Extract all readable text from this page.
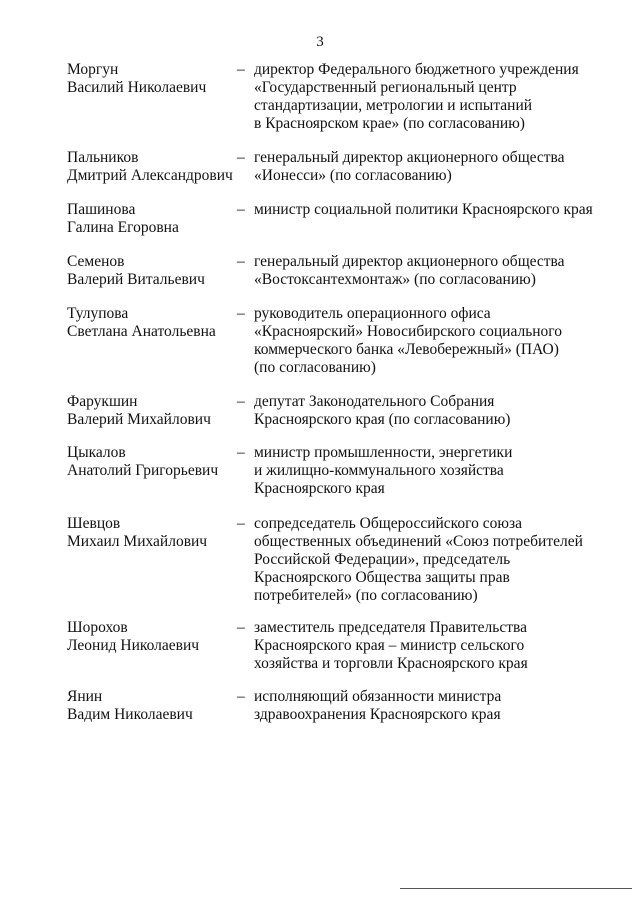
3
Моргун
Василий Николаевич
– директор Федерального бюджетного учреждения
«Государственный региональный центр
стандартизации, метрологии и испытаний
в Красноярском крае» (по согласованию)
Пальников
Дмитрий Александрович
– генеральный директор акционерного общества
«Ионесси» (по согласованию)
Пашинова
Галина Егоровна
– министр социальной политики Красноярского края
Семенов
Валерий Витальевич
– генеральный директор акционерного общества
«Востоксантехмонтаж» (по согласованию)
Тулупова
Светлана Анатольевна
– руководитель операционного офиса
«Красноярский» Новосибирского социального
коммерческого банка «Левобережный» (ПАО)
(по согласованию)
Фарукшин
Валерий Михайлович
– депутат Законодательного Собрания
Красноярского края (по согласованию)
Цыкалов
Анатолий Григорьевич
– министр промышленности, энергетики
и жилищно-коммунального хозяйства
Красноярского края
Шевцов
Михаил Михайлович
– сопредседатель Общероссийского союза
общественных объединений «Союз потребителей
Российской Федерации», председатель
Красноярского Общества защиты прав
потребителей» (по согласованию)
Шорохов
Леонид Николаевич
– заместитель председателя Правительства
Красноярского края – министр сельского
хозяйства и торговли Красноярского края
Янин
Вадим Николаевич
– исполняющий обязанности министра
здравоохранения Красноярского края
